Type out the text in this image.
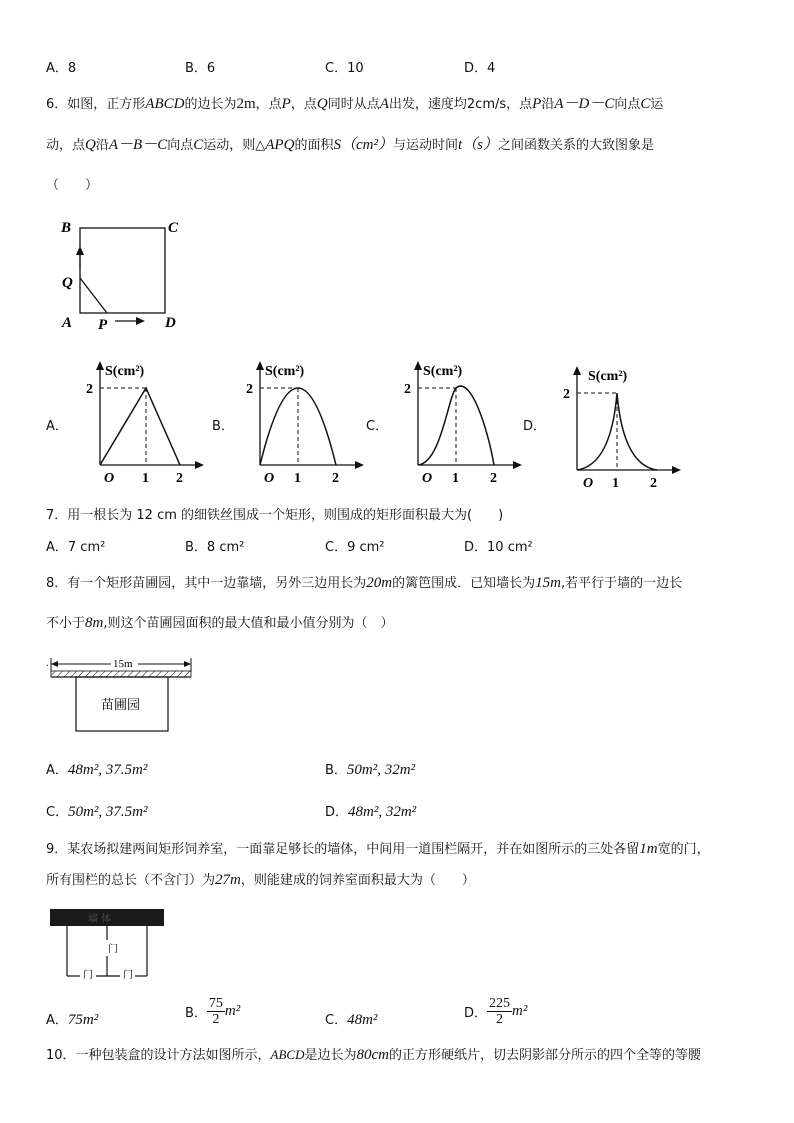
A．8	B．6	C．10	D．4
6．如图，正方形ABCD的边长为2m，点P，点Q同时从点A出发，速度均2cm/s，点P沿A－D－C向点C运
动，点Q沿A－B－C向点C运动，则△APQ的面积S（cm²）与运动时间t（s）之间函数关系的大致图象是
（　　）
B	C
Q
A P	D
A．	B．	C．	D．
S(cm²)
2
O 1 2
S(cm²)
2
O 1 2
S(cm²)
2
O 1 2
S(cm²)
2
O 1 2
7．用一根长为 12 cm 的细铁丝围成一个矩形，则围成的矩形面积最大为(　　)
A．7 cm²	B．8 cm²	C．9 cm²	D．10 cm²
8．有一个矩形苗圃园，其中一边靠墙，另外三边用长为20m的篱笆围成．已知墙长为15m,若平行于墙的一边长
不小于8m,则这个苗圃园面积的最大值和最小值分别为（　）
.	15m
苗圃园
A．48m², 37.5m²	B．50m², 32m²
C．50m², 37.5m²	D．48m², 32m²
9．某农场拟建两间矩形饲养室，一面靠足够长的墙体，中间用一道围栏隔开，并在如图所示的三处各留1m宽的门，
所有围栏的总长（不含门）为27m，则能建成的饲养室面积最大为（　　）
墙 体
门
门	门
A．75m²	B． $\frac{75}{2} m^2$
C．48m²	D． $\frac{225}{2} m^2$
10．一种包装盒的设计方法如图所示，ABCD是边长为80cm的正方形硬纸片，切去阴影部分所示的四个全等的等腰
